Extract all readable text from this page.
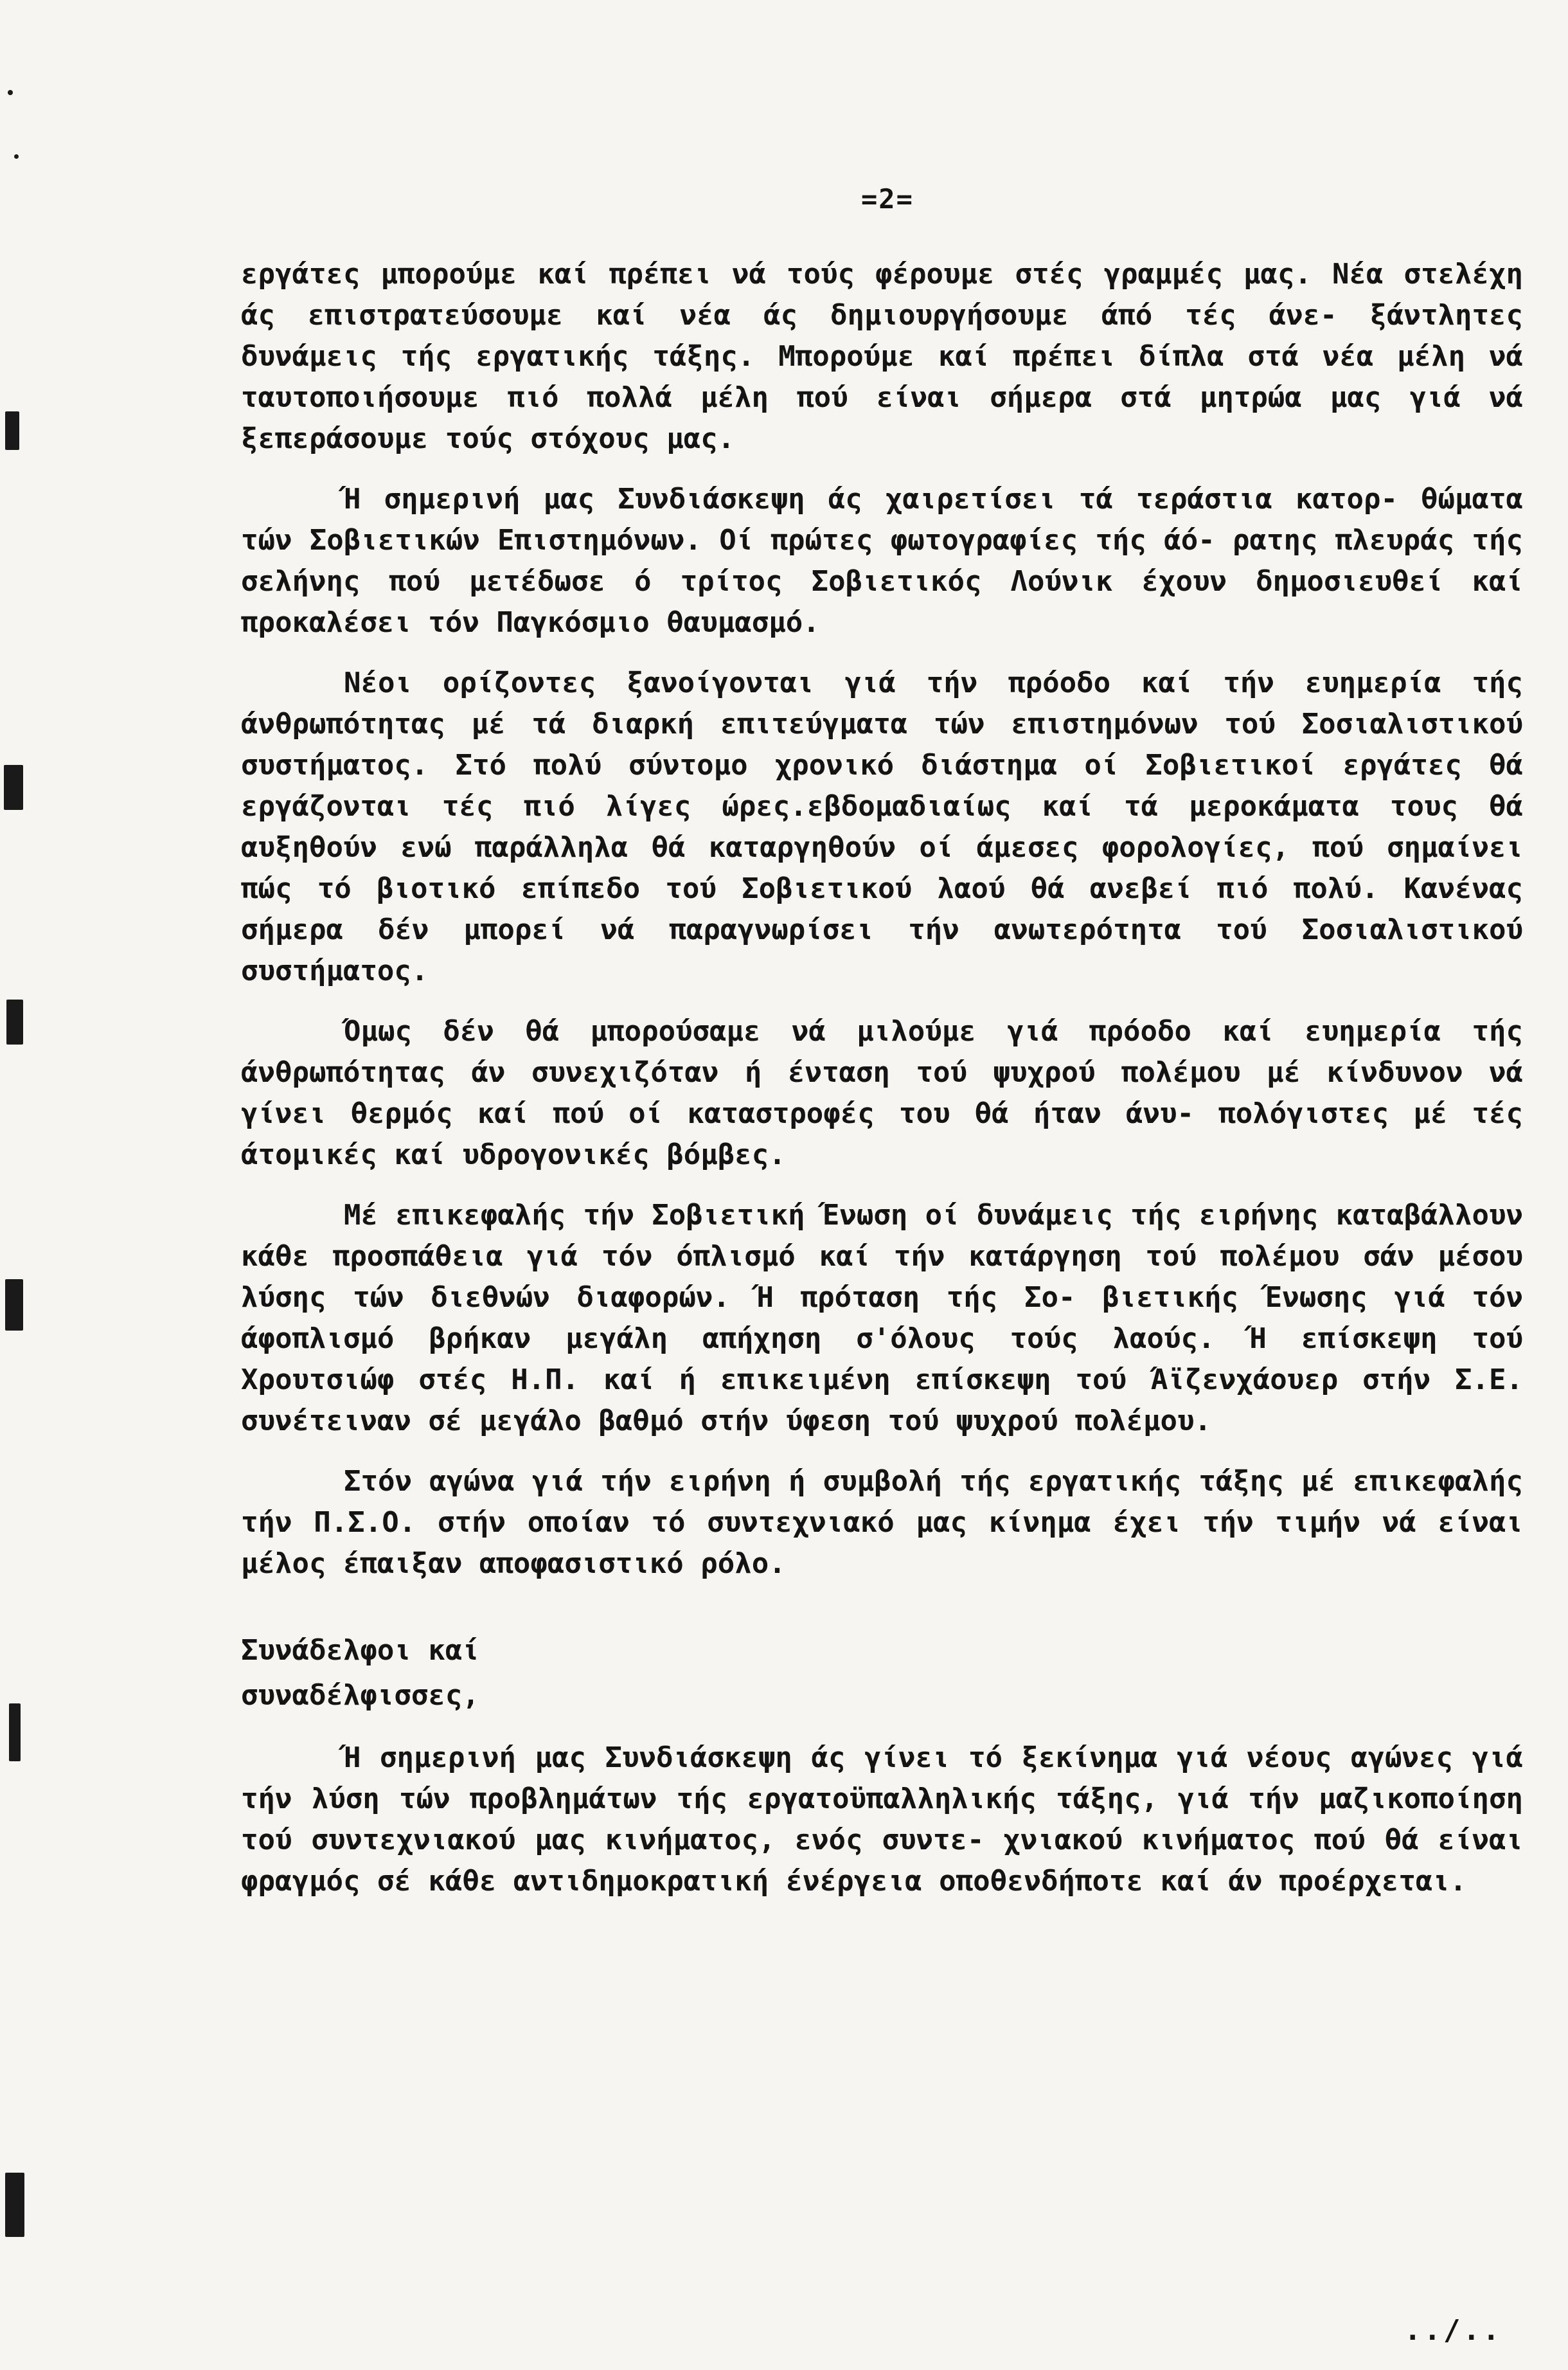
=2=

εργάτες μπορούμε καί πρέπει νά τούς φέρουμε στές γραμμές μας. Νέα στελέχη άς επιστρατεύσουμε καί νέα άς δημιουργήσουμε άπό τές άνε- ξάντλητες δυνάμεις τής εργατικής τάξης. Μπορούμε καί πρέπει δίπλα στά νέα μέλη νά ταυτοποιήσουμε πιό πολλά μέλη πού είναι σήμερα στά μητρώα μας γιά νά ξεπεράσουμε τούς στόχους μας.

Ή σημερινή μας Συνδιάσκεψη άς χαιρετίσει τά τεράστια κατορ- θώματα τών Σοβιετικών Επιστημόνων. Οί πρώτες φωτογραφίες τής άό- ρατης πλευράς τής σελήνης πού μετέδωσε ό τρίτος Σοβιετικός Λούνικ έχουν δημοσιευθεί καί προκαλέσει τόν Παγκόσμιο θαυμασμό.

Νέοι ορίζοντες ξανοίγονται γιά τήν πρόοδο καί τήν ευημερία τής άνθρωπότητας μέ τά διαρκή επιτεύγματα τών επιστημόνων τού Σοσιαλιστικού συστήματος. Στό πολύ σύντομο χρονικό διάστημα οί Σοβιετικοί εργάτες θά εργάζονται τές πιό λίγες ώρες.εβδομαδιαίως καί τά μεροκάματα τους θά αυξηθούν ενώ παράλληλα θά καταργηθούν οί άμεσες φορολογίες, πού σημαίνει πώς τό βιοτικό επίπεδο τού Σοβιετικού λαού θά ανεβεί πιό πολύ. Κανένας σήμερα δέν μπορεί νά παραγνωρίσει τήν ανωτερότητα τού Σοσιαλιστικού συστήματος.

Όμως δέν θά μπορούσαμε νά μιλούμε γιά πρόοδο καί ευημερία τής άνθρωπότητας άν συνεχιζόταν ή ένταση τού ψυχρού πολέμου μέ κίνδυνον νά γίνει θερμός καί πού οί καταστροφές του θά ήταν άνυ- πολόγιστες μέ τές άτομικές καί υδρογονικές βόμβες.

Μέ επικεφαλής τήν Σοβιετική Ένωση οί δυνάμεις τής ειρήνης καταβάλλουν κάθε προσπάθεια γιά τόν όπλισμό καί τήν κατάργηση τού πολέμου σάν μέσου λύσης τών διεθνών διαφορών. Ή πρόταση τής Σο- βιετικής Ένωσης γιά τόν άφοπλισμό βρήκαν μεγάλη απήχηση σ'όλους τούς λαούς. Ή επίσκεψη τού Χρουτσιώφ στές Η.Π. καί ή επικειμένη επίσκεψη τού Άϊζενχάουερ στήν Σ.Ε. συνέτειναν σέ μεγάλο βαθμό στήν ύφεση τού ψυχρού πολέμου.

Στόν αγώνα γιά τήν ειρήνη ή συμβολή τής εργατικής τάξης μέ επικεφαλής τήν Π.Σ.Ο. στήν οποίαν τό συντεχνιακό μας κίνημα έχει τήν τιμήν νά είναι μέλος έπαιξαν αποφασιστικό ρόλο.

Συνάδελφοι καί
συναδέλφισσες,

Ή σημερινή μας Συνδιάσκεψη άς γίνει τό ξεκίνημα γιά νέους αγώνες γιά τήν λύση τών προβλημάτων τής εργατοϋπαλληλικής τάξης, γιά τήν μαζικοποίηση τού συντεχνιακού μας κινήματος, ενός συντε- χνιακού κινήματος πού θά είναι φραγμός σέ κάθε αντιδημοκρατική ένέργεια οποθενδήποτε καί άν προέρχεται.

../..
